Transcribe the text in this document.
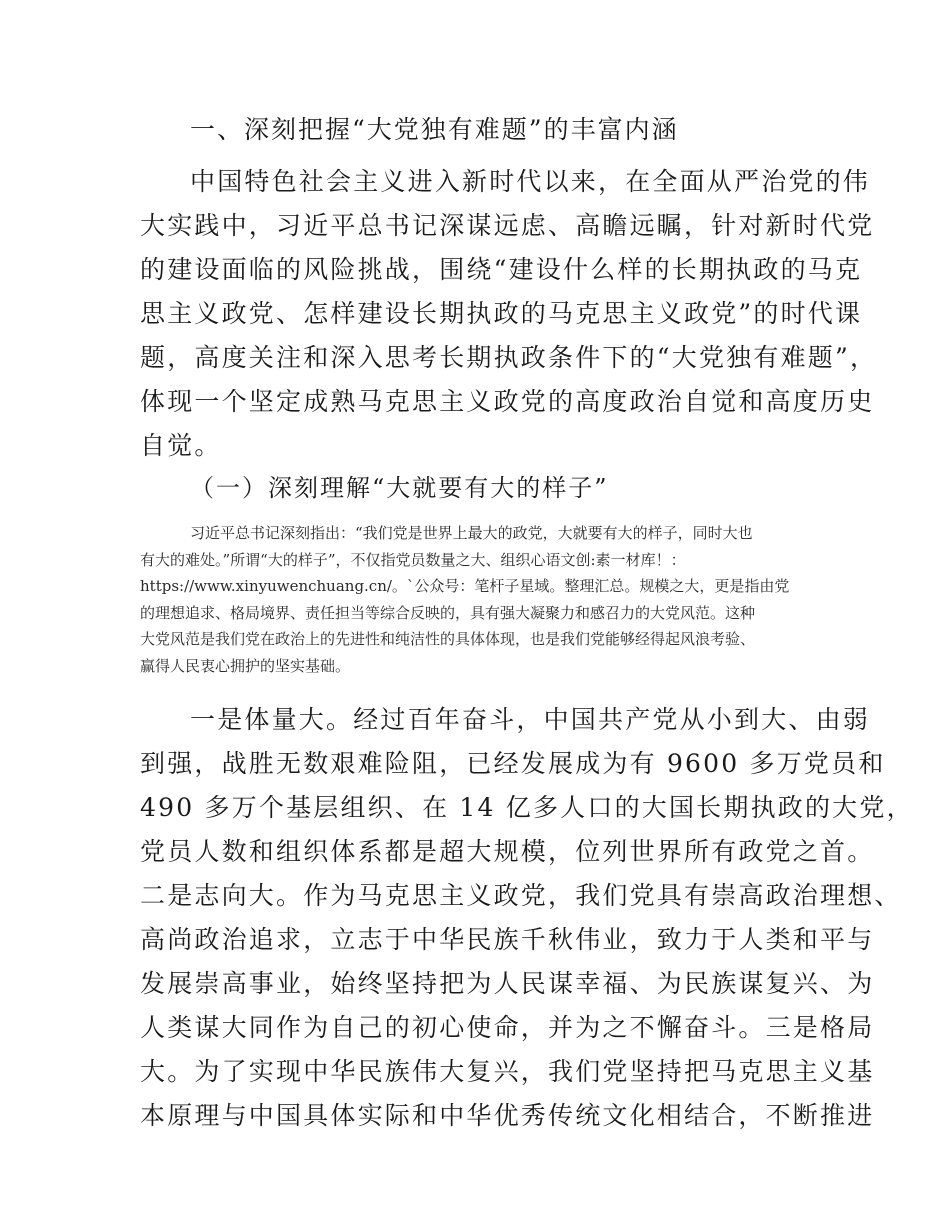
一、深刻把握“大党独有难题”的丰富内涵
中国特色社会主义进入新时代以来，在全面从严治党的伟
大实践中，习近平总书记深谋远虑、高瞻远瞩，针对新时代党
的建设面临的风险挑战，围绕“建设什么样的长期执政的马克
思主义政党、怎样建设长期执政的马克思主义政党”的时代课
题，高度关注和深入思考长期执政条件下的“大党独有难题”，
体现一个坚定成熟马克思主义政党的高度政治自觉和高度历史
自觉。
（一）深刻理解“大就要有大的样子”
习近平总书记深刻指出：“我们党是世界上最大的政党，大就要有大的样子，同时大也
有大的难处。”所谓“大的样子”，不仅指党员数量之大、组织心语文创:素一材库！：
https://www.xinyuwenchuang.cn/。`公众号：笔杆子星域。整理汇总。规模之大，更是指由党
的理想追求、格局境界、责任担当等综合反映的，具有强大凝聚力和感召力的大党风范。这种
大党风范是我们党在政治上的先进性和纯洁性的具体体现，也是我们党能够经得起风浪考验、
赢得人民衷心拥护的坚实基础。
一是体量大。经过百年奋斗，中国共产党从小到大、由弱
到强，战胜无数艰难险阻，已经发展成为有 9600 多万党员和
490 多万个基层组织、在 14 亿多人口的大国长期执政的大党，
党员人数和组织体系都是超大规模，位列世界所有政党之首。
二是志向大。作为马克思主义政党，我们党具有崇高政治理想、
高尚政治追求，立志于中华民族千秋伟业，致力于人类和平与
发展崇高事业，始终坚持把为人民谋幸福、为民族谋复兴、为
人类谋大同作为自己的初心使命，并为之不懈奋斗。三是格局
大。为了实现中华民族伟大复兴，我们党坚持把马克思主义基
本原理与中国具体实际和中华优秀传统文化相结合，不断推进
